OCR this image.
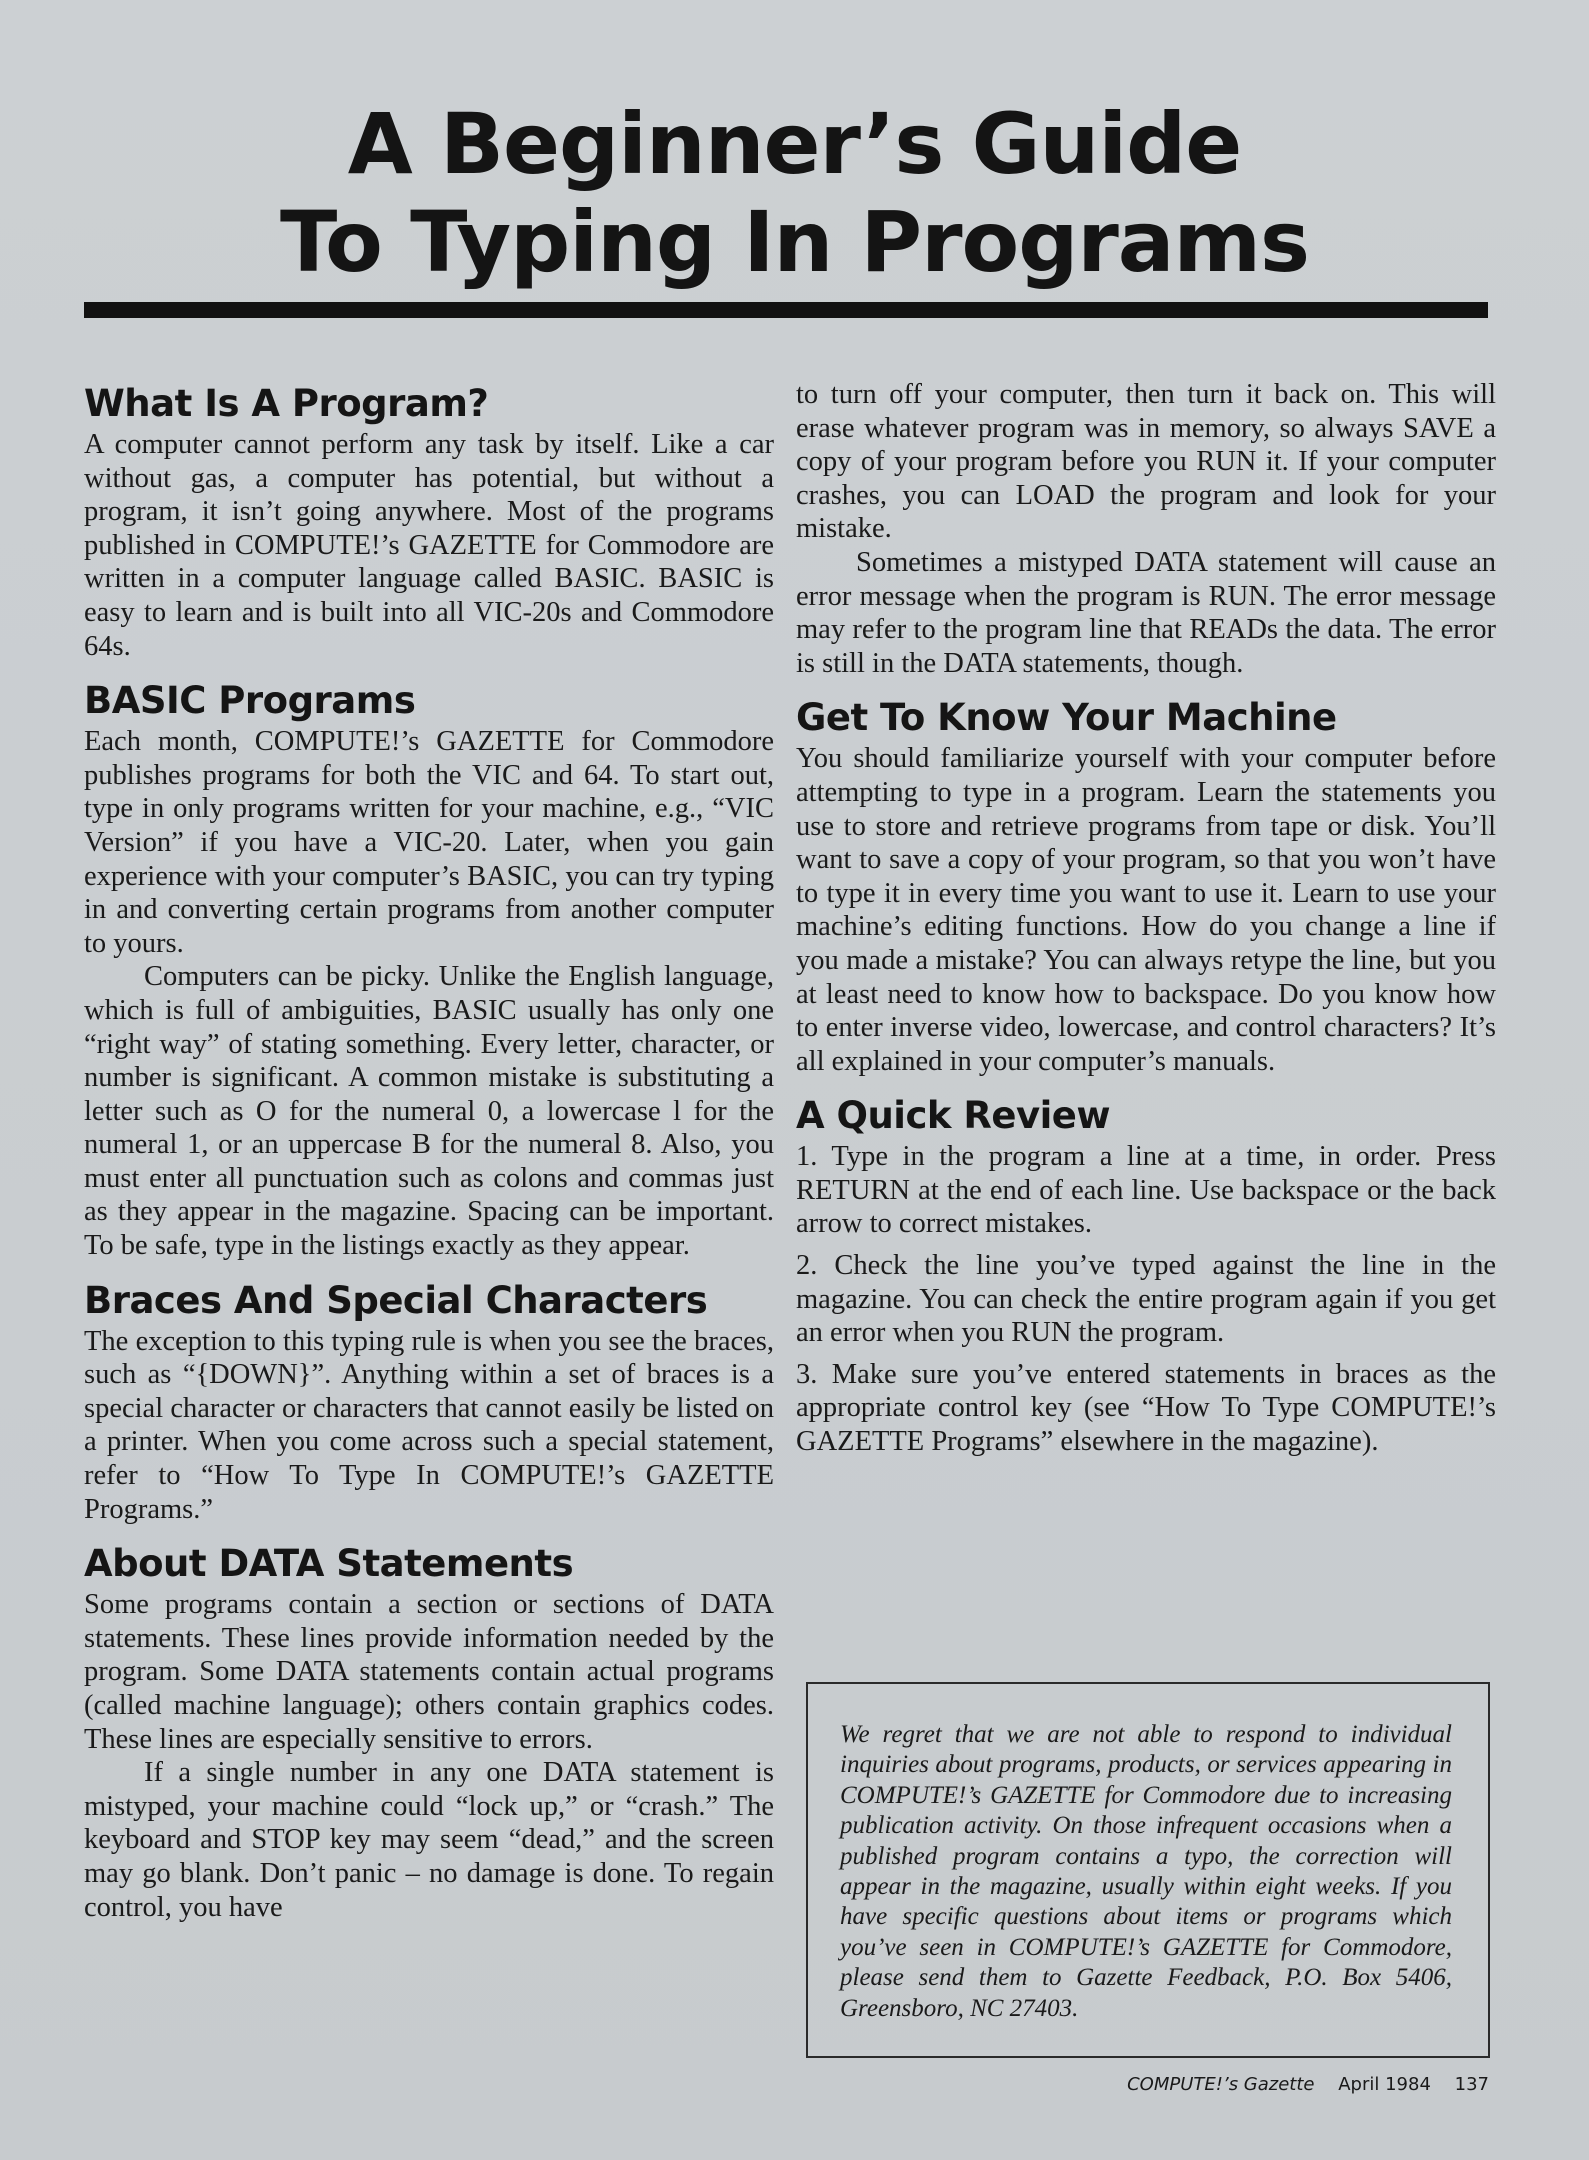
A Beginner’s Guide
To Typing In Programs
What Is A Program?

A computer cannot perform any task by itself. Like a car without gas, a computer has potential, but without a program, it isn’t going anywhere. Most of the programs published in COMPUTE!’s GAZETTE for Commodore are written in a computer language called BASIC. BASIC is easy to learn and is built into all VIC-20s and Commodore 64s.

BASIC Programs

Each month, COMPUTE!’s GAZETTE for Commodore publishes programs for both the VIC and 64. To start out, type in only programs written for your machine, e.g., “VIC Version” if you have a VIC-20. Later, when you gain experience with your computer’s BASIC, you can try typing in and converting certain programs from another computer to yours.

Computers can be picky. Unlike the English language, which is full of ambiguities, BASIC usually has only one “right way” of stating something. Every letter, character, or number is significant. A common mistake is substituting a letter such as O for the numeral 0, a lowercase l for the numeral 1, or an uppercase B for the numeral 8. Also, you must enter all punctuation such as colons and commas just as they appear in the magazine. Spacing can be important. To be safe, type in the listings exactly as they appear.

Braces And Special Characters

The exception to this typing rule is when you see the braces, such as “{DOWN}”. Anything within a set of braces is a special character or characters that cannot easily be listed on a printer. When you come across such a special statement, refer to “How To Type In COMPUTE!’s GAZETTE Programs.”

About DATA Statements

Some programs contain a section or sections of DATA statements. These lines provide information needed by the program. Some DATA statements contain actual programs (called machine language); others contain graphics codes. These lines are especially sensitive to errors.

If a single number in any one DATA statement is mistyped, your machine could “lock up,” or “crash.” The keyboard and STOP key may seem “dead,” and the screen may go blank. Don’t panic – no damage is done. To regain control, you have

to turn off your computer, then turn it back on. This will erase whatever program was in memory, so always SAVE a copy of your program before you RUN it. If your computer crashes, you can LOAD the program and look for your mistake.

Sometimes a mistyped DATA statement will cause an error message when the program is RUN. The error message may refer to the program line that READs the data. The error is still in the DATA statements, though.

Get To Know Your Machine

You should familiarize yourself with your computer before attempting to type in a program. Learn the statements you use to store and retrieve programs from tape or disk. You’ll want to save a copy of your program, so that you won’t have to type it in every time you want to use it. Learn to use your machine’s editing functions. How do you change a line if you made a mistake? You can always retype the line, but you at least need to know how to backspace. Do you know how to enter inverse video, lowercase, and control characters? It’s all explained in your computer’s manuals.

A Quick Review

1. Type in the program a line at a time, in order. Press RETURN at the end of each line. Use backspace or the back arrow to correct mistakes.

2. Check the line you’ve typed against the line in the magazine. You can check the entire program again if you get an error when you RUN the program.

3. Make sure you’ve entered statements in braces as the appropriate control key (see “How To Type COMPUTE!’s GAZETTE Programs” elsewhere in the magazine).

We regret that we are not able to respond to individual inquiries about programs, products, or services appearing in COMPUTE!’s GAZETTE for Commodore due to increasing publication activity. On those infrequent occasions when a published program contains a typo, the correction will appear in the magazine, usually within eight weeks. If you have specific questions about items or programs which you’ve seen in COMPUTE!’s GAZETTE for Commodore, please send them to Gazette Feedback, P.O. Box 5406, Greensboro, NC 27403.
COMPUTE!’s Gazette April 1984 137
